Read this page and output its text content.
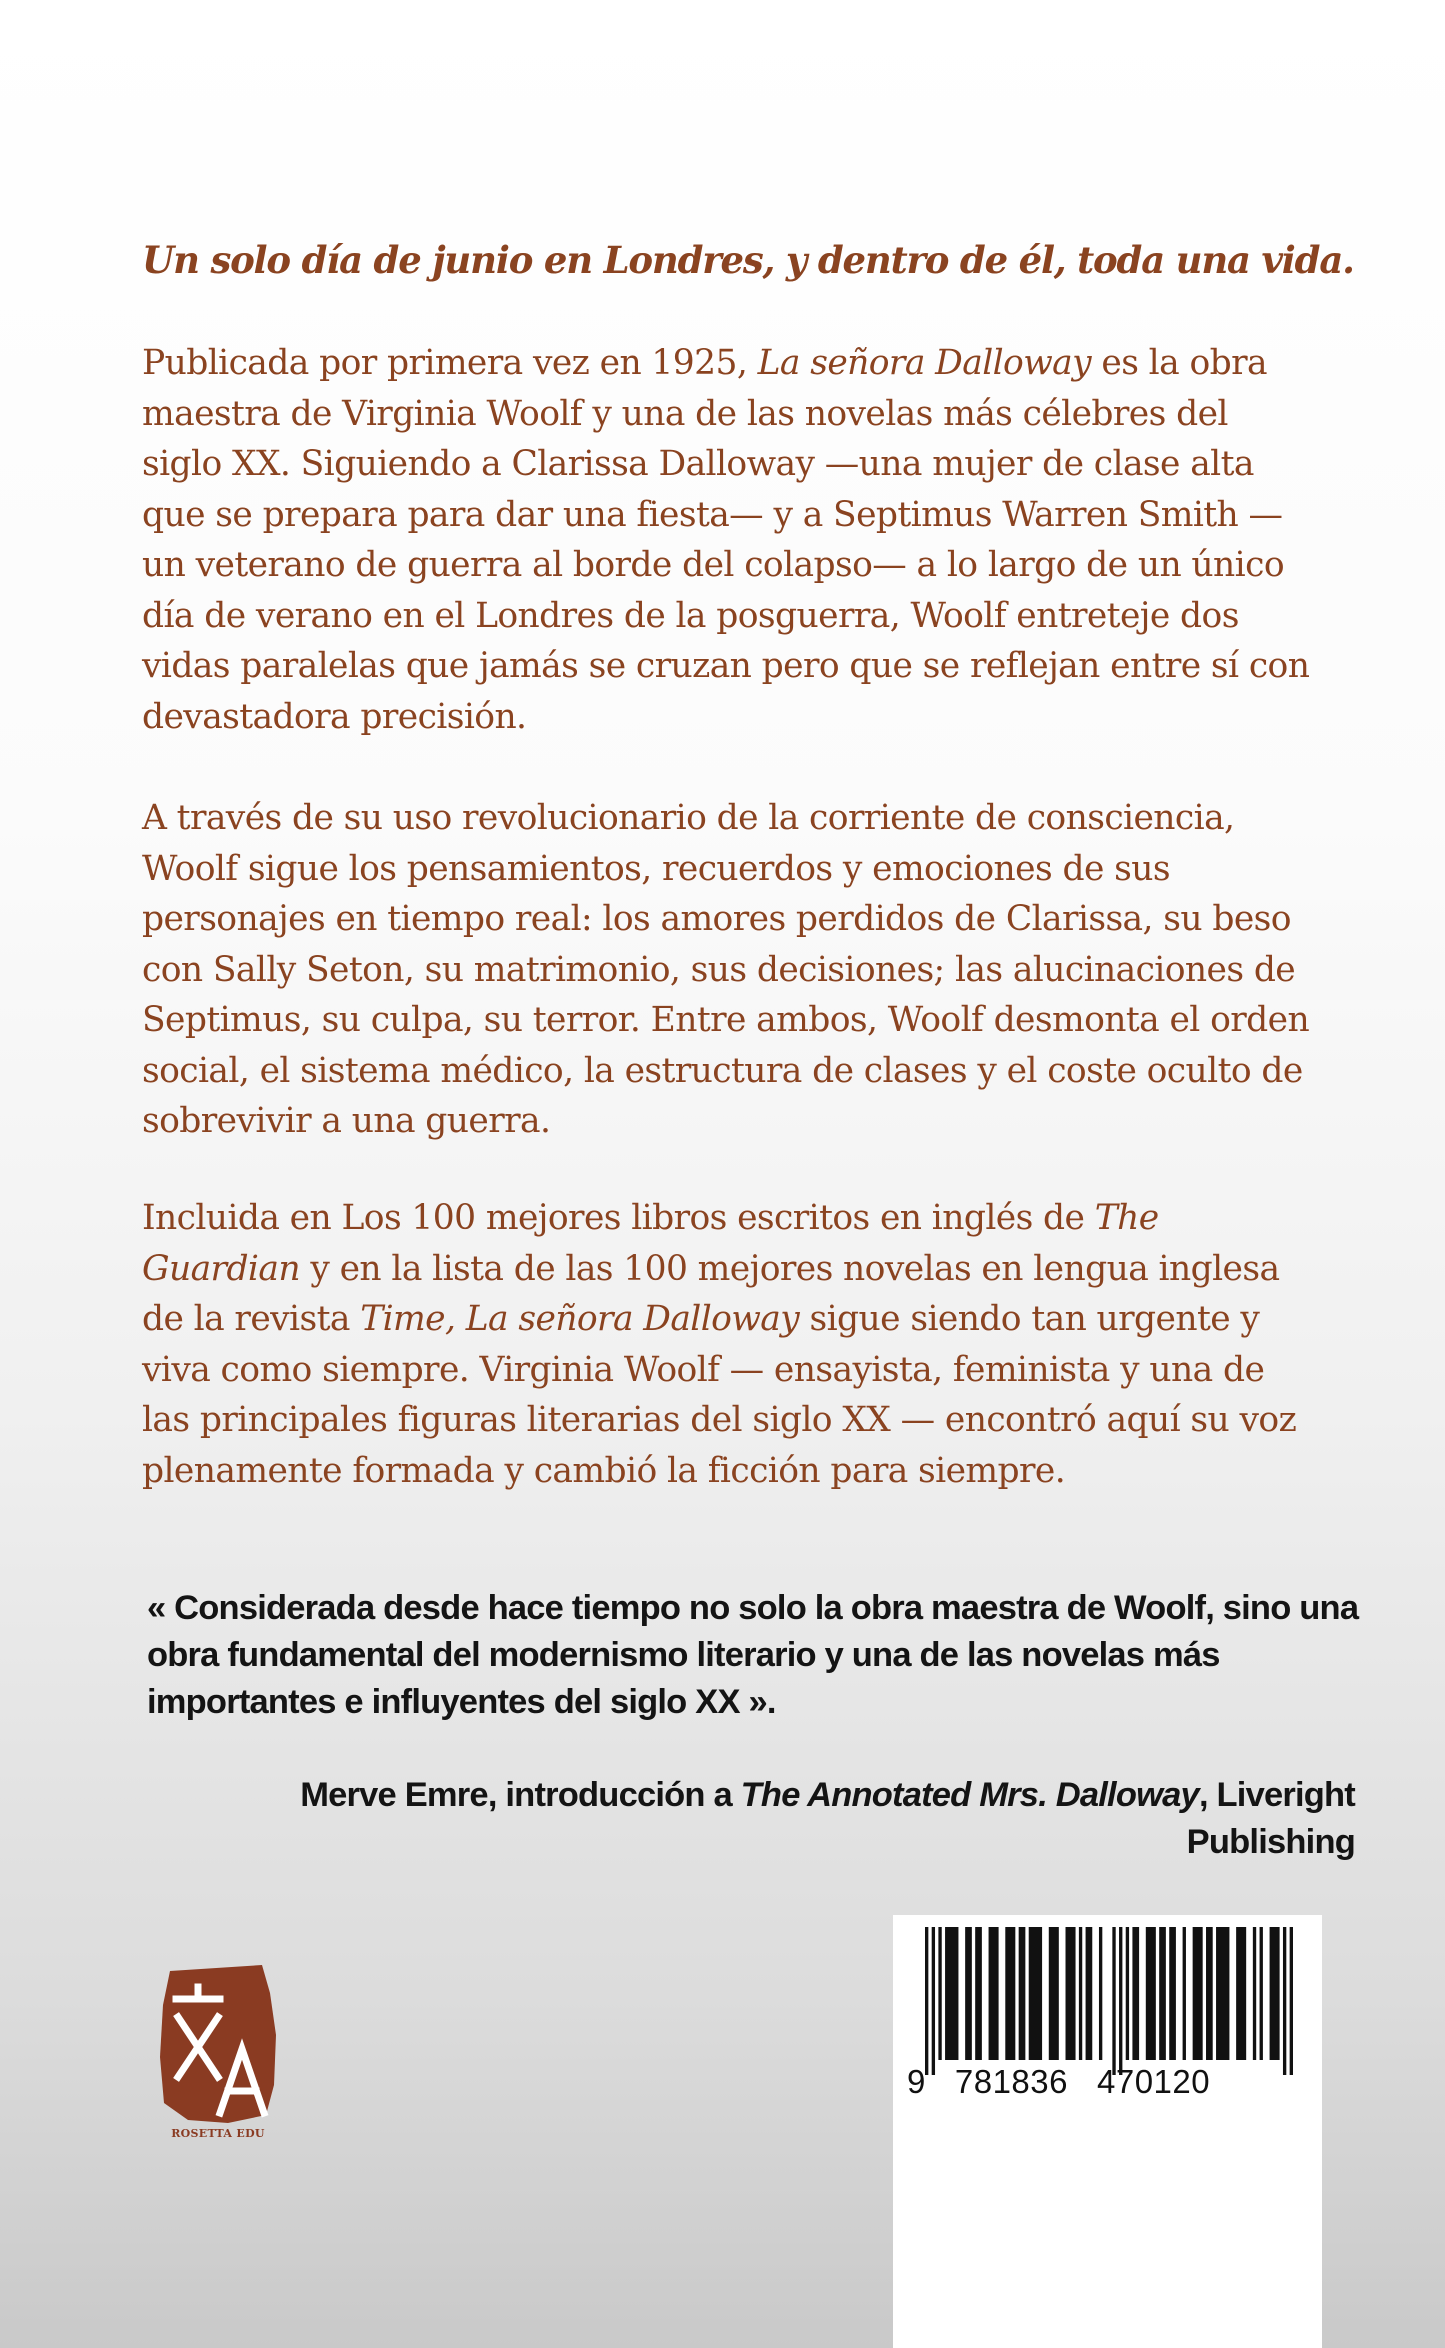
Un solo día de junio en Londres, y dentro de él, toda una vida.

Publicada por primera vez en 1925, La señora Dalloway es la obra maestra de Virginia Woolf y una de las novelas más célebres del siglo XX. Siguiendo a Clarissa Dalloway —una mujer de clase alta que se prepara para dar una fiesta— y a Septimus Warren Smith —un veterano de guerra al borde del colapso— a lo largo de un único día de verano en el Londres de la posguerra, Woolf entreteje dos vidas paralelas que jamás se cruzan pero que se reflejan entre sí con devastadora precisión.

A través de su uso revolucionario de la corriente de consciencia, Woolf sigue los pensamientos, recuerdos y emociones de sus personajes en tiempo real: los amores perdidos de Clarissa, su beso con Sally Seton, su matrimonio, sus decisiones; las alucinaciones de Septimus, su culpa, su terror. Entre ambos, Woolf desmonta el orden social, el sistema médico, la estructura de clases y el coste oculto de sobrevivir a una guerra.

Incluida en Los 100 mejores libros escritos en inglés de The Guardian y en la lista de las 100 mejores novelas en lengua inglesa de la revista Time, La señora Dalloway sigue siendo tan urgente y viva como siempre. Virginia Woolf — ensayista, feminista y una de las principales figuras literarias del siglo XX — encontró aquí su voz plenamente formada y cambió la ficción para siempre.

« Considerada desde hace tiempo no solo la obra maestra de Woolf, sino una obra fundamental del modernismo literario y una de las novelas más importantes e influyentes del siglo XX ».

Merve Emre, introducción a The Annotated Mrs. Dalloway, Liveright Publishing

ROSETTA EDU
9   781836   470120
